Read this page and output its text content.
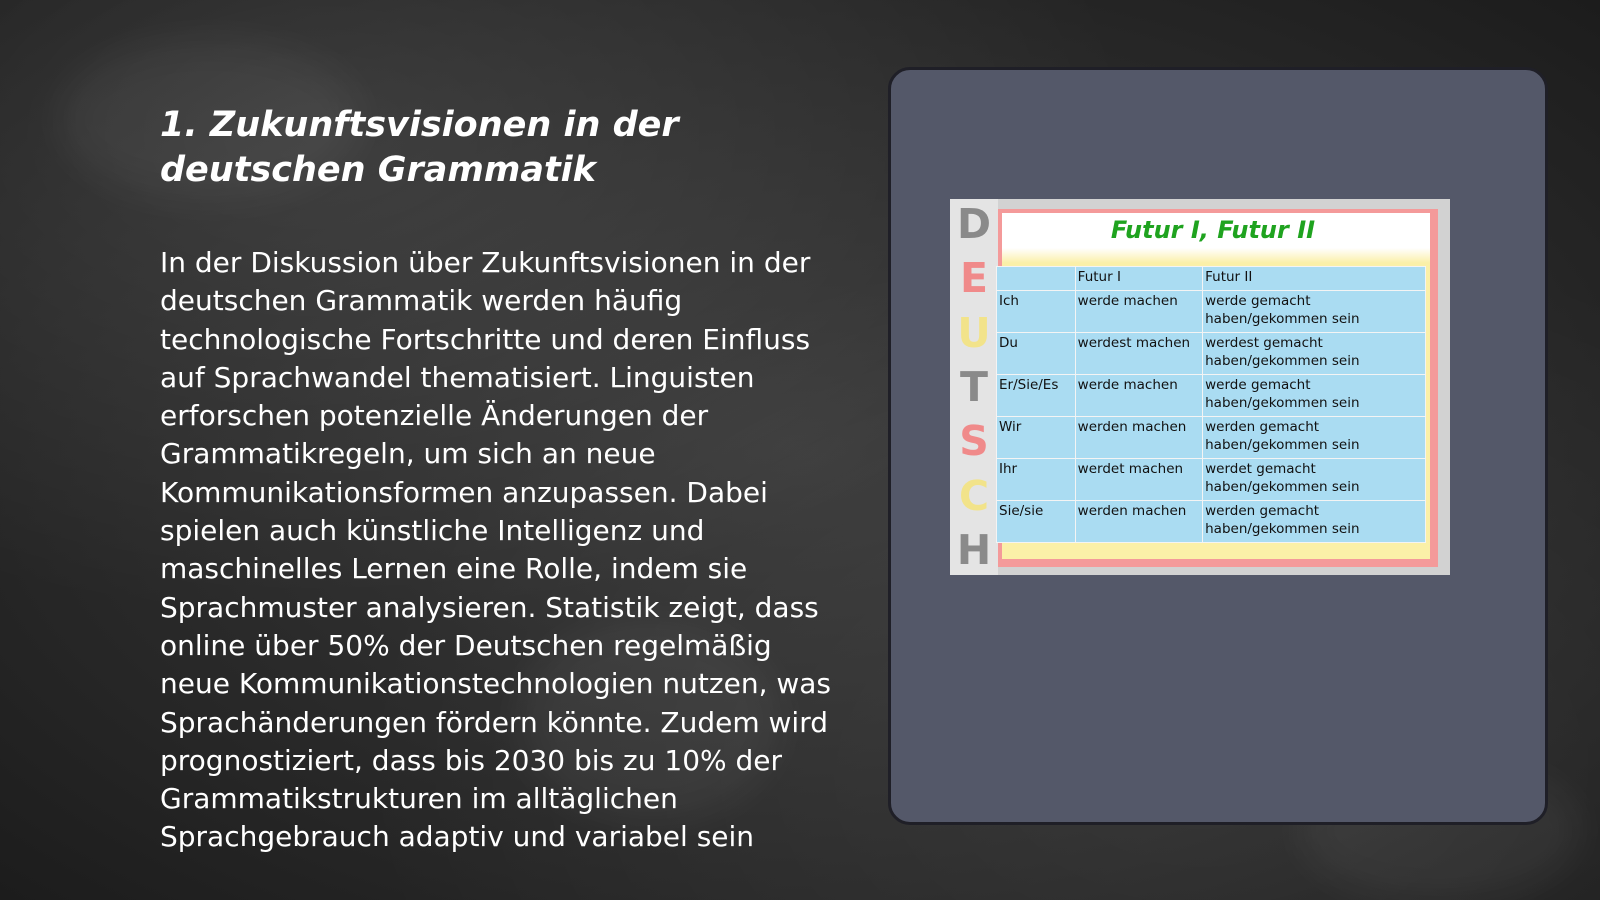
1. Zukunftsvisionen in der deutschen Grammatik

In der Diskussion über Zukunftsvisionen in der deutschen Grammatik werden häufig technologische Fortschritte und deren Einfluss auf Sprachwandel thematisiert. Linguisten erforschen potenzielle Änderungen der Grammatikregeln, um sich an neue Kommunikationsformen anzupassen. Dabei spielen auch künstliche Intelligenz und maschinelles Lernen eine Rolle, indem sie Sprachmuster analysieren. Statistik zeigt, dass online über 50% der Deutschen regelmäßig neue Kommunikationstechnologien nutzen, was Sprachänderungen fördern könnte. Zudem wird prognostiziert, dass bis 2030 bis zu 10% der Grammatikstrukturen im alltäglichen Sprachgebrauch adaptiv und variabel sein

D
E
U
T
S
C
H
Futur I, Futur II
	Futur I	Futur II
Ich	werde machen	werde gemacht haben/gekommen sein
Du	werdest machen	werdest gemacht haben/gekommen sein
Er/Sie/Es	werde machen	werde gemacht haben/gekommen sein
Wir	werden machen	werden gemacht haben/gekommen sein
Ihr	werdet machen	werdet gemacht haben/gekommen sein
Sie/sie	werden machen	werden gemacht haben/gekommen sein
